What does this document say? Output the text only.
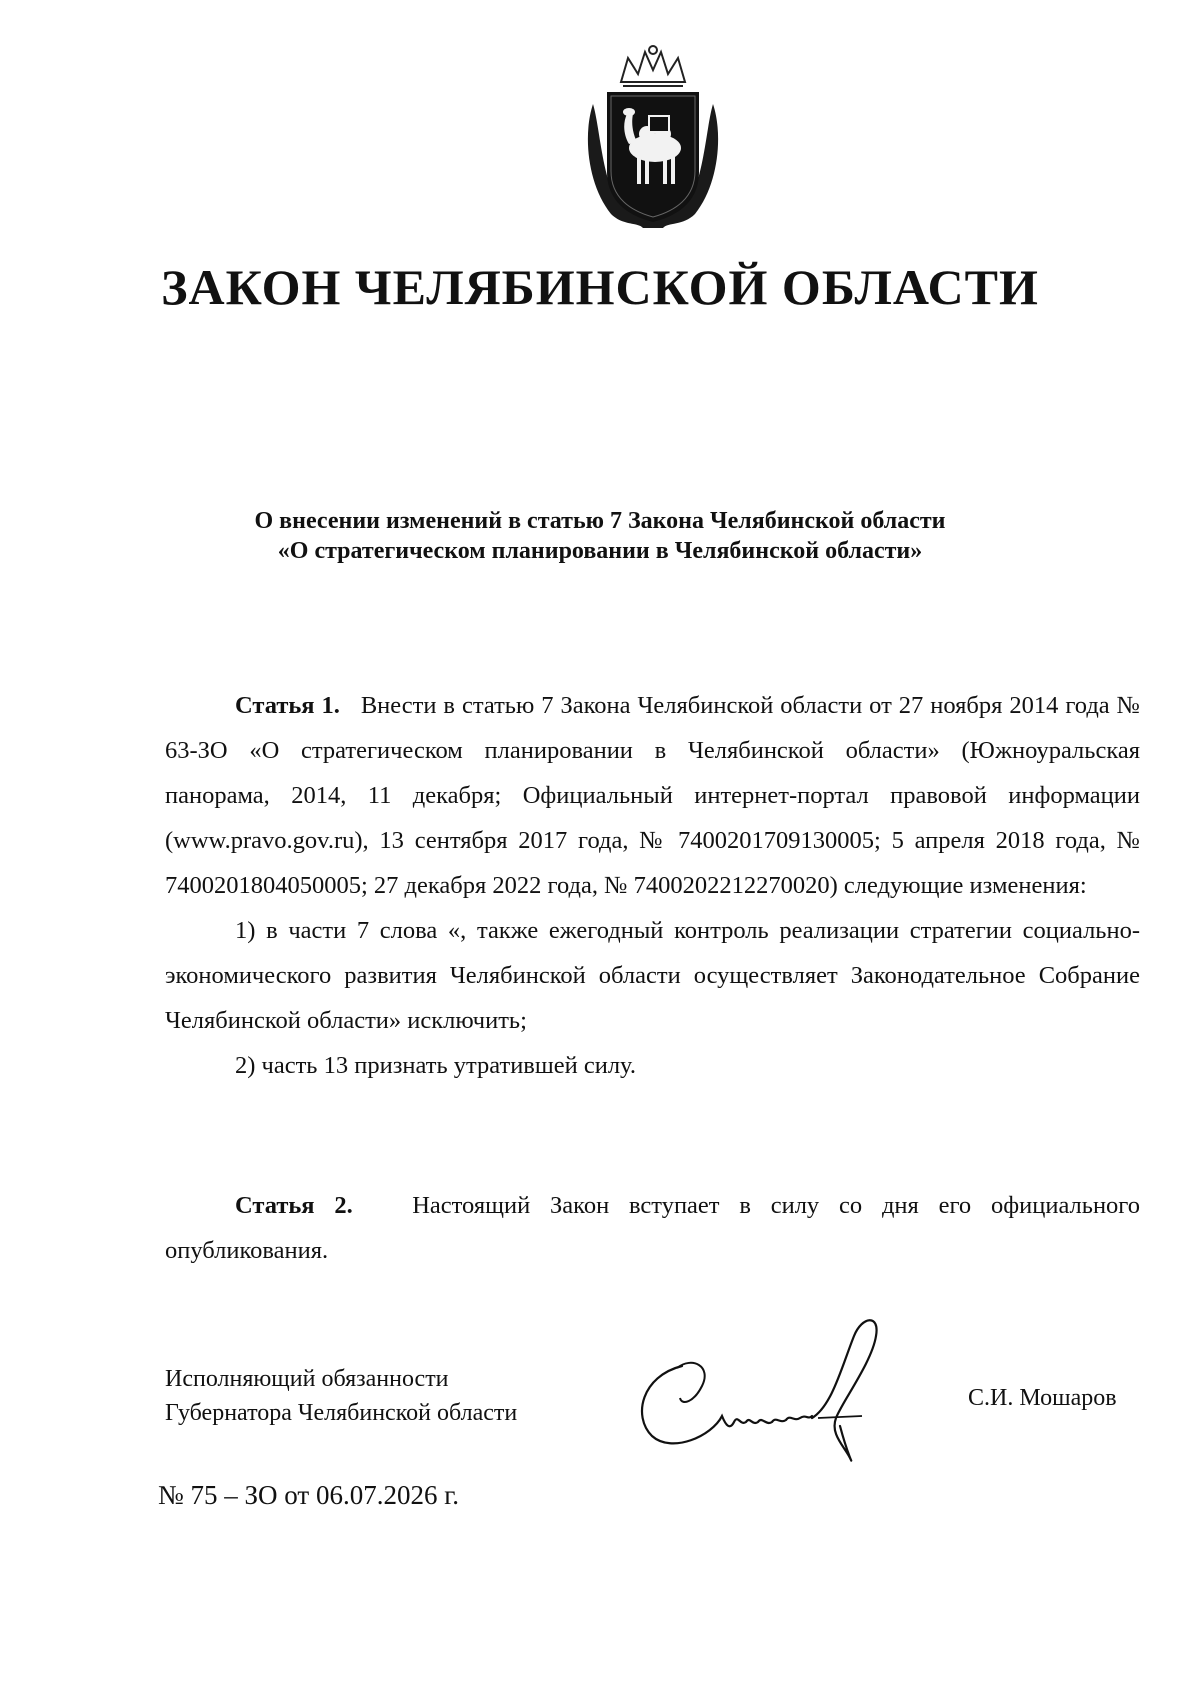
ЗАКОН ЧЕЛЯБИНСКОЙ ОБЛАСТИ
О внесении изменений в статью 7 Закона Челябинской области
«О стратегическом планировании в Челябинской области»

Статья 1. Внести в статью 7 Закона Челябинской области от 27 ноября 2014 года № 63-ЗО «О стратегическом планировании в Челябинской области» (Южноуральская панорама, 2014, 11 декабря; Официальный интернет-портал правовой информации (www.pravo.gov.ru), 13 сентября 2017 года, № 7400201709130005; 5 апреля 2018 года, № 7400201804050005; 27 декабря 2022 года, № 7400202212270020) следующие изменения:

1) в части 7 слова «, также ежегодный контроль реализации стратегии социально-экономического развития Челябинской области осуществляет Законодательное Собрание Челябинской области» исключить;

2) часть 13 признать утратившей силу.

Статья 2. Настоящий Закон вступает в силу со дня его официального опубликования.

Исполняющий обязанности
Губернатора Челябинской области
С.И. Мошаров
№ 75 – ЗО от 06.07.2026 г.
